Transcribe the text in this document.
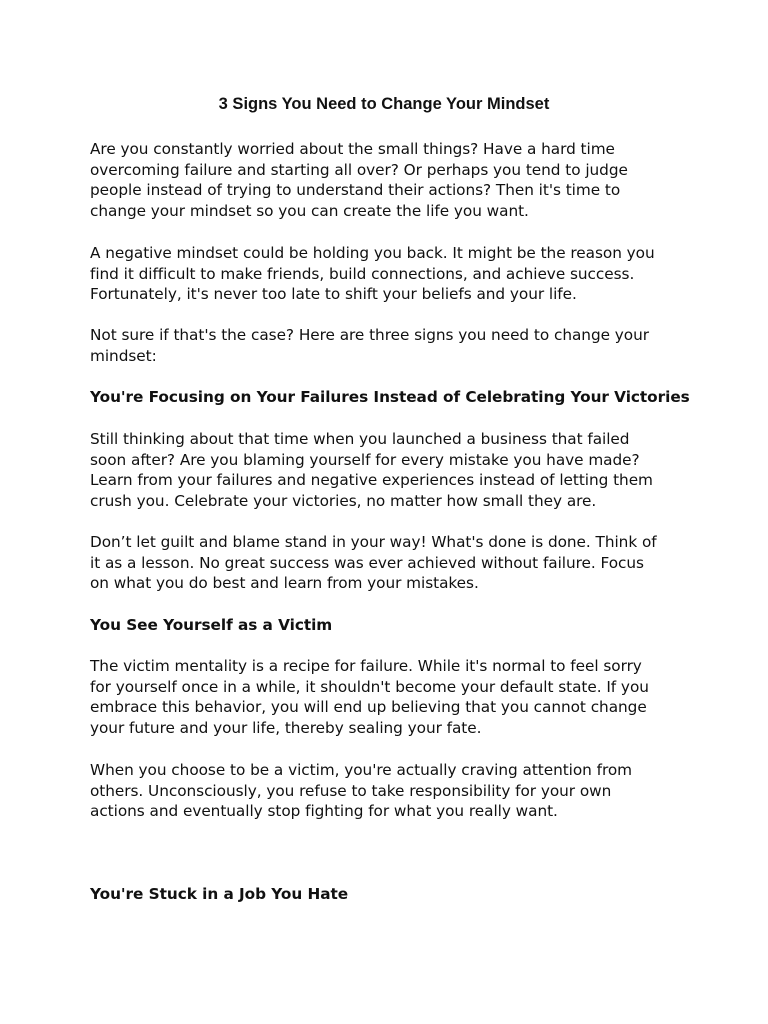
3 Signs You Need to Change Your Mindset

Are you constantly worried about the small things? Have a hard time
overcoming failure and starting all over? Or perhaps you tend to judge
people instead of trying to understand their actions? Then it's time to
change your mindset so you can create the life you want.

A negative mindset could be holding you back. It might be the reason you
find it difficult to make friends, build connections, and achieve success.
Fortunately, it's never too late to shift your beliefs and your life.

Not sure if that's the case? Here are three signs you need to change your
mindset:

You're Focusing on Your Failures Instead of Celebrating Your Victories

Still thinking about that time when you launched a business that failed
soon after? Are you blaming yourself for every mistake you have made?
Learn from your failures and negative experiences instead of letting them
crush you. Celebrate your victories, no matter how small they are.

Don’t let guilt and blame stand in your way! What's done is done. Think of
it as a lesson. No great success was ever achieved without failure. Focus
on what you do best and learn from your mistakes.

You See Yourself as a Victim

The victim mentality is a recipe for failure. While it's normal to feel sorry
for yourself once in a while, it shouldn't become your default state. If you
embrace this behavior, you will end up believing that you cannot change
your future and your life, thereby sealing your fate.

When you choose to be a victim, you're actually craving attention from
others. Unconsciously, you refuse to take responsibility for your own
actions and eventually stop fighting for what you really want.

You're Stuck in a Job You Hate
